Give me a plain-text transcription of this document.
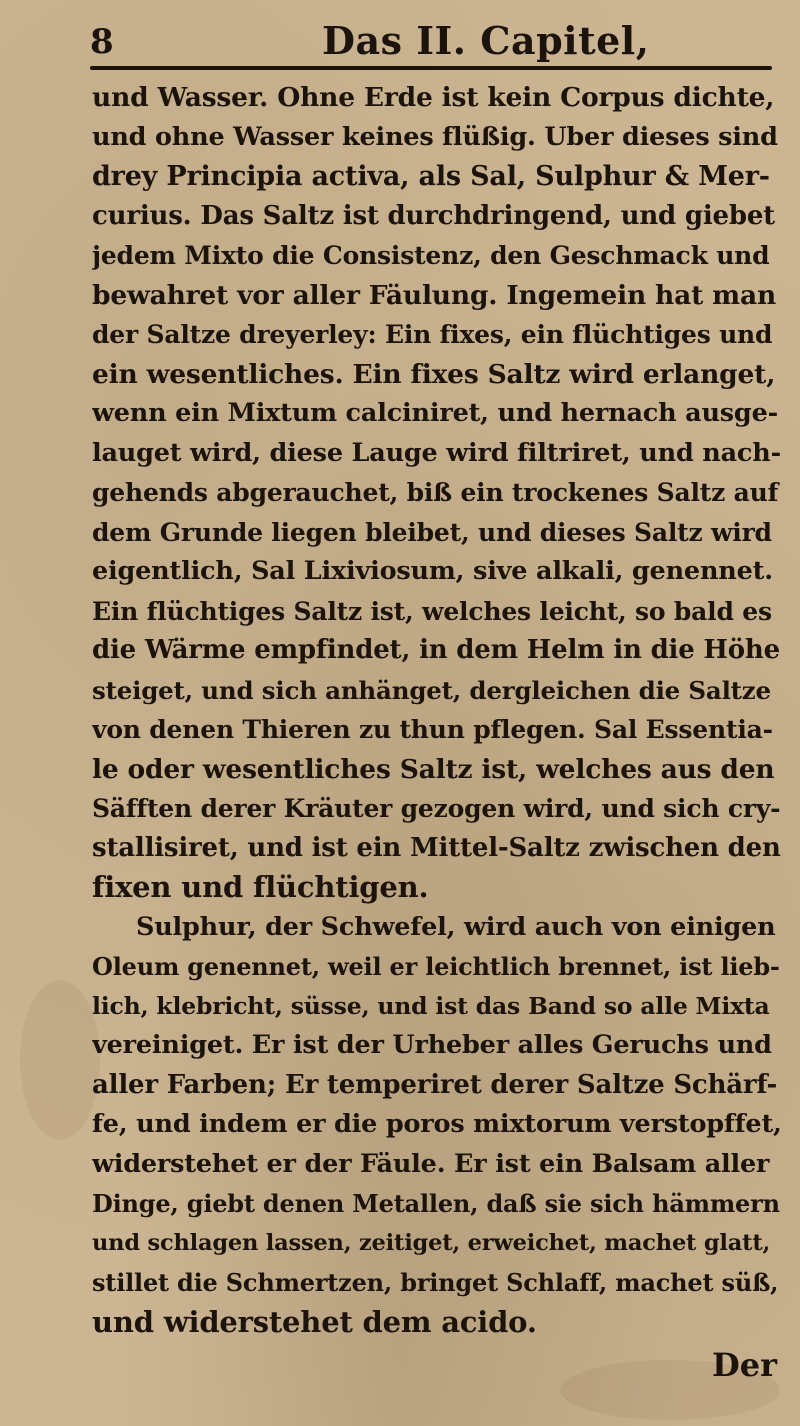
8	Das II. Capitel,
und Wasser. Ohne Erde ist kein Corpus dichte,
und ohne Wasser keines flüßig. Uber dieses sind
drey Principia activa, als Sal, Sulphur & Mer-
curius. Das Saltz ist durchdringend, und giebet
jedem Mixto die Consistenz, den Geschmack und
bewahret vor aller Fäulung. Ingemein hat man
der Saltze dreyerley: Ein fixes, ein flüchtiges und
ein wesentliches. Ein fixes Saltz wird erlanget,
wenn ein Mixtum calciniret, und hernach ausge-
lauget wird, diese Lauge wird filtriret, und nach-
gehends abgerauchet, biß ein trockenes Saltz auf
dem Grunde liegen bleibet, und dieses Saltz wird
eigentlich, Sal Lixiviosum, sive alkali, genennet.
Ein flüchtiges Saltz ist, welches leicht, so bald es
die Wärme empfindet, in dem Helm in die Höhe
steiget, und sich anhänget, dergleichen die Saltze
von denen Thieren zu thun pflegen. Sal Essentia-
le oder wesentliches Saltz ist, welches aus den
Säfften derer Kräuter gezogen wird, und sich cry-
stallisiret, und ist ein Mittel-Saltz zwischen den
fixen und flüchtigen.
Sulphur, der Schwefel, wird auch von einigen
Oleum genennet, weil er leichtlich brennet, ist lieb-
lich, klebricht, süsse, und ist das Band so alle Mixta
vereiniget. Er ist der Urheber alles Geruchs und
aller Farben; Er temperiret derer Saltze Schärf-
fe, und indem er die poros mixtorum verstopffet,
widerstehet er der Fäule. Er ist ein Balsam aller
Dinge, giebt denen Metallen, daß sie sich hämmern
und schlagen lassen, zeitiget, erweichet, machet glatt,
stillet die Schmertzen, bringet Schlaff, machet süß,
und widerstehet dem acido.
Der
